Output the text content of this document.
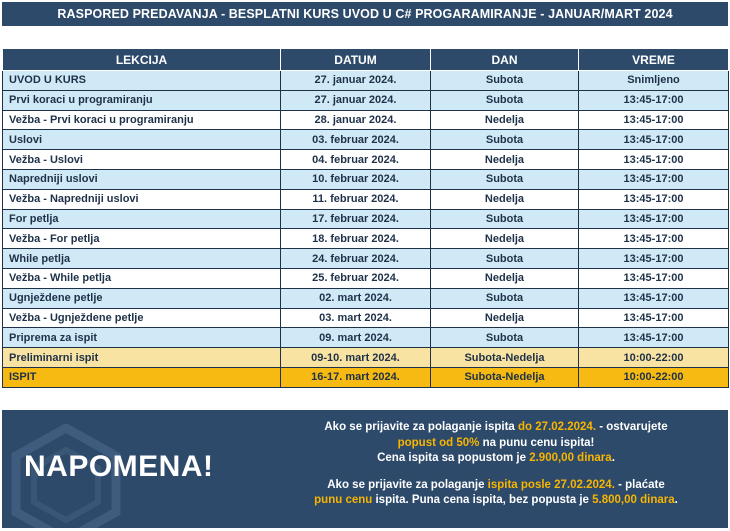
RASPORED PREDAVANJA - BESPLATNI KURS UVOD U C# PROGARAMIRANJE - JANUAR/MART 2024
LEKCIJA	DATUM	DAN	VREME
UVOD U KURS	27. januar 2024.	Subota	Snimljeno
Prvi koraci u programiranju	27. januar 2024.	Subota	13:45-17:00
Vežba - Prvi koraci u programiranju	28. januar 2024.	Nedelja	13:45-17:00
Uslovi	03. februar 2024.	Subota	13:45-17:00
Vežba - Uslovi	04. februar 2024.	Nedelja	13:45-17:00
Napredniji uslovi	10. februar 2024.	Subota	13:45-17:00
Vežba - Napredniji uslovi	11. februar 2024.	Nedelja	13:45-17:00
For petlja	17. februar 2024.	Subota	13:45-17:00
Vežba - For petlja	18. februar 2024.	Nedelja	13:45-17:00
While petlja	24. februar 2024.	Subota	13:45-17:00
Vežba - While petlja	25. februar 2024.	Nedelja	13:45-17:00
Ugnježdene petlje	02. mart 2024.	Subota	13:45-17:00
Vežba - Ugnježdene petlje	03. mart 2024.	Nedelja	13:45-17:00
Priprema za ispit	09. mart 2024.	Subota	13:45-17:00
Preliminarni ispit	09-10. mart 2024.	Subota-Nedelja	10:00-22:00
ISPIT	16-17. mart 2024.	Subota-Nedelja	10:00-22:00
NAPOMENA!
Ako se prijavite za polaganje ispita do 27.02.2024. - ostvarujete
popust od 50% na punu cenu ispita!
Cena ispita sa popustom je 2.900,00 dinara.
Ako se prijavite za polaganje ispita posle 27.02.2024. - plaćate
punu cenu ispita. Puna cena ispita, bez popusta je 5.800,00 dinara.
